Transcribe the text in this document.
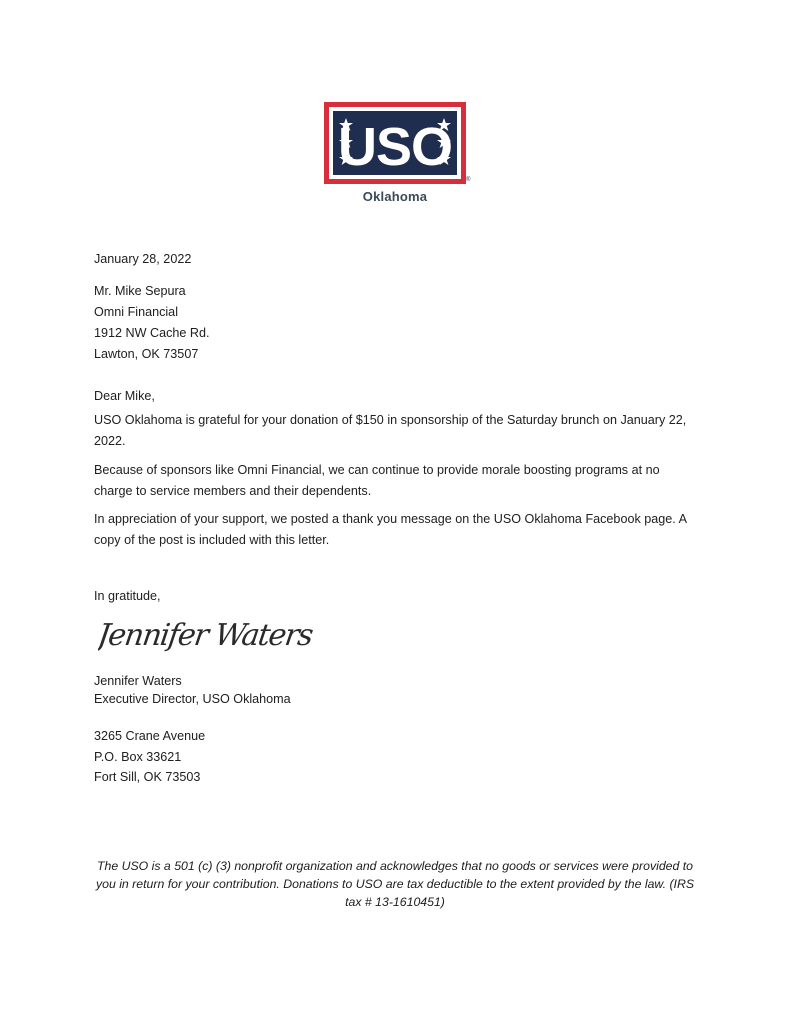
USO
®
Oklahoma
January 28, 2022
Mr. Mike Sepura
Omni Financial
1912 NW Cache Rd.
Lawton, OK 73507
Dear Mike,
USO Oklahoma is grateful for your donation of $150 in sponsorship of the Saturday brunch on January 22, 2022.
Because of sponsors like Omni Financial, we can continue to provide morale boosting programs at no charge to service members and their dependents.
In appreciation of your support, we posted a thank you message on the USO Oklahoma Facebook page. A copy of the post is included with this letter.
In gratitude,
Jennifer Waters
Jennifer Waters
Executive Director, USO Oklahoma
3265 Crane Avenue
P.O. Box 33621
Fort Sill, OK 73503
The USO is a 501 (c) (3) nonprofit organization and acknowledges that no goods or services were provided to you in return for your contribution. Donations to USO are tax deductible to the extent provided by the law. (IRS tax # 13-1610451)
